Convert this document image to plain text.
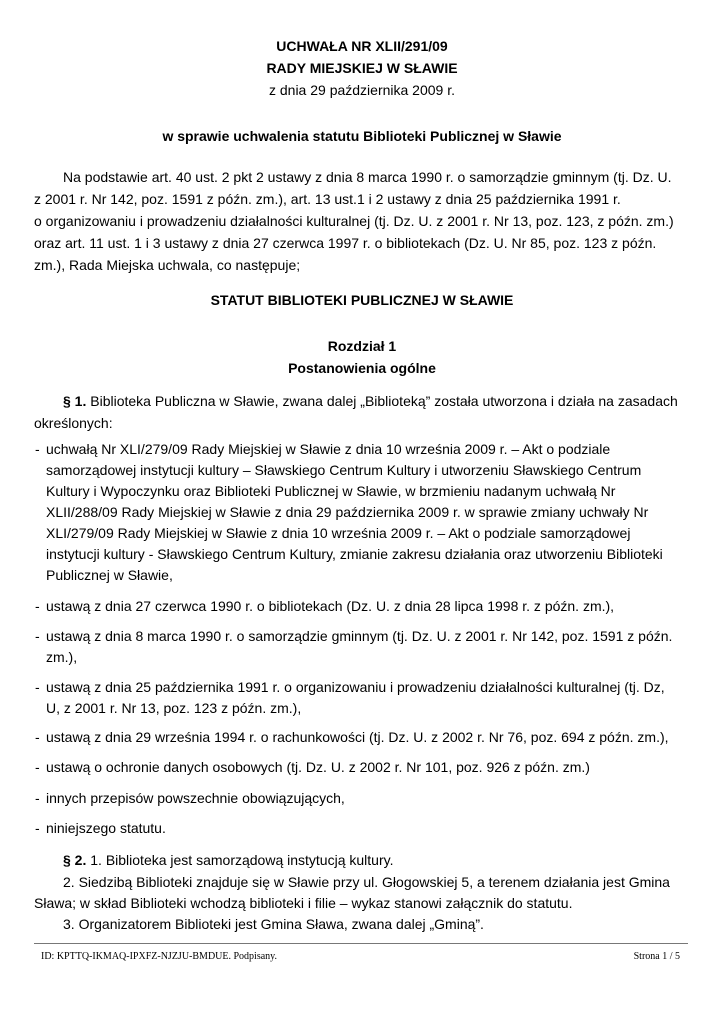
UCHWAŁA NR XLII/291/09
RADY MIEJSKIEJ W SŁAWIE
z dnia 29 października 2009 r.
w sprawie uchwalenia statutu Biblioteki Publicznej w Sławie
Na podstawie art. 40 ust. 2 pkt 2 ustawy z dnia 8 marca 1990 r. o samorządzie gminnym (tj. Dz. U.
z 2001 r. Nr 142, poz. 1591 z późn. zm.), art. 13 ust.1 i 2 ustawy z dnia 25 października 1991 r.
o organizowaniu i prowadzeniu działalności kulturalnej (tj. Dz. U. z 2001 r. Nr 13, poz. 123, z późn. zm.)
oraz art. 11 ust. 1 i 3 ustawy z dnia 27 czerwca 1997 r. o bibliotekach (Dz. U. Nr 85, poz. 123 z późn.
zm.), Rada Miejska uchwala, co następuje;
STATUT BIBLIOTEKI PUBLICZNEJ W SŁAWIE
Rozdział 1
Postanowienia ogólne
§ 1. Biblioteka Publiczna w Sławie, zwana dalej „Biblioteką” została utworzona i działa na zasadach
określonych:
- uchwałą Nr XLI/279/09 Rady Miejskiej w Sławie z dnia 10 września 2009 r. – Akt o podziale
samorządowej instytucji kultury – Sławskiego Centrum Kultury i utworzeniu Sławskiego Centrum
Kultury i Wypoczynku oraz Biblioteki Publicznej w Sławie, w brzmieniu nadanym uchwałą Nr
XLII/288/09 Rady Miejskiej w Sławie z dnia 29 października 2009 r. w sprawie zmiany uchwały Nr
XLI/279/09 Rady Miejskiej w Sławie z dnia 10 września 2009 r. – Akt o podziale samorządowej
instytucji kultury - Sławskiego Centrum Kultury, zmianie zakresu działania oraz utworzeniu Biblioteki
Publicznej w Sławie,
- ustawą z dnia 27 czerwca 1990 r. o bibliotekach (Dz. U. z dnia 28 lipca 1998 r. z późn. zm.),
- ustawą z dnia 8 marca 1990 r. o samorządzie gminnym (tj. Dz. U. z 2001 r. Nr 142, poz. 1591 z późn.
zm.),
- ustawą z dnia 25 października 1991 r. o organizowaniu i prowadzeniu działalności kulturalnej (tj. Dz,
U, z 2001 r. Nr 13, poz. 123 z późn. zm.),
- ustawą z dnia 29 września 1994 r. o rachunkowości (tj. Dz. U. z 2002 r. Nr 76, poz. 694 z późn. zm.),
- ustawą o ochronie danych osobowych (tj. Dz. U. z 2002 r. Nr 101, poz. 926 z późn. zm.)
- innych przepisów powszechnie obowiązujących,
- niniejszego statutu.
§ 2. 1. Biblioteka jest samorządową instytucją kultury.
2. Siedzibą Biblioteki znajduje się w Sławie przy ul. Głogowskiej 5, a terenem działania jest Gmina
Sława; w skład Biblioteki wchodzą biblioteki i filie – wykaz stanowi załącznik do statutu.
3. Organizatorem Biblioteki jest Gmina Sława, zwana dalej „Gminą”.
ID: KPTTQ-IKMAQ-IPXFZ-NJZJU-BMDUE. Podpisany.	Strona 1 / 5
